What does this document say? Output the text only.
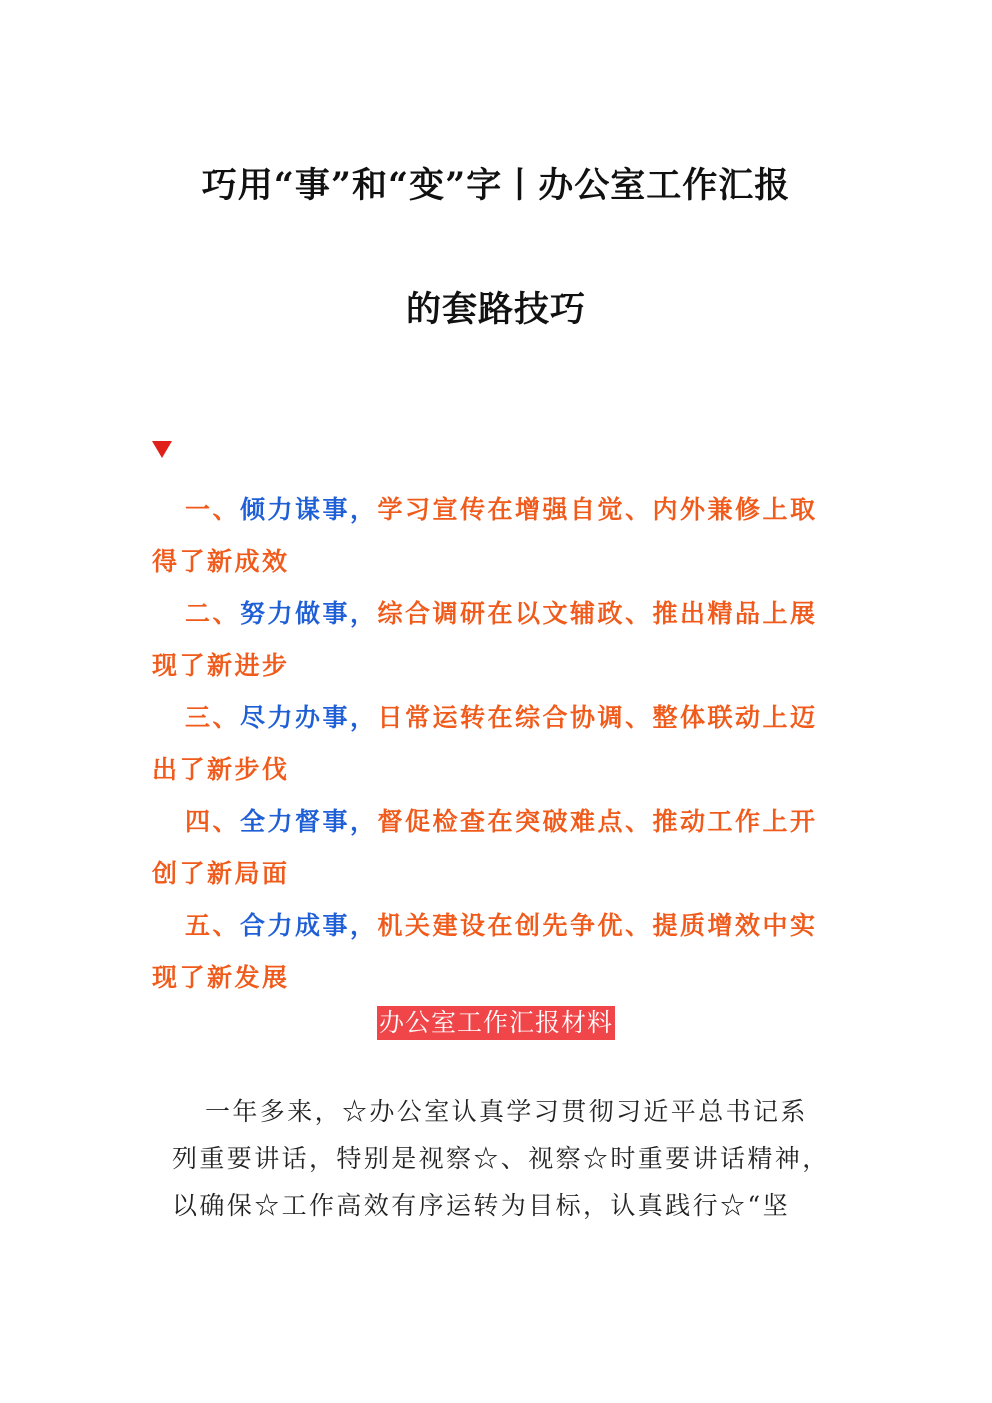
巧用“事”和“变”字丨办公室工作汇报
的套路技巧

一、倾力谋事，学习宣传在增强自觉、内外兼修上取得了新成效

二、努力做事，综合调研在以文辅政、推出精品上展现了新进步

三、尽力办事，日常运转在综合协调、整体联动上迈出了新步伐

四、全力督事，督促检查在突破难点、推动工作上开创了新局面

五、合力成事，机关建设在创先争优、提质增效中实现了新发展

办公室工作汇报材料

一年多来，☆办公室认真学习贯彻习近平总书记系

列重要讲话，特别是视察☆、视察☆时重要讲话精神，

以确保☆工作高效有序运转为目标，认真践行☆“坚
